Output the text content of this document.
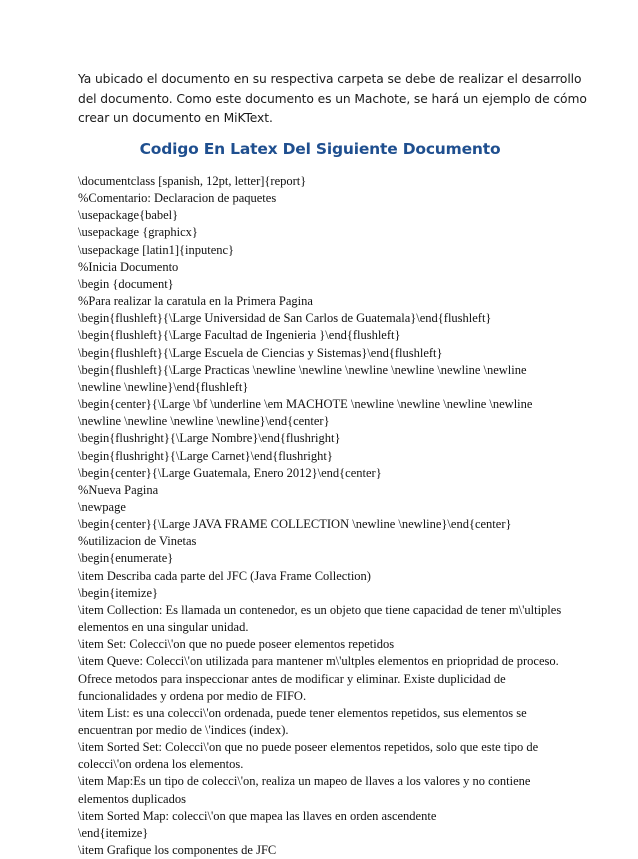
Ya ubicado el documento en su respectiva carpeta se debe de realizar el desarrollo
del documento. Como este documento es un Machote, se hará un ejemplo de cómo
crear un documento en MiKText.
Codigo En Latex Del Siguiente Documento
\documentclass [spanish, 12pt, letter]{report}
%Comentario: Declaracion de paquetes
\usepackage{babel}
\usepackage {graphicx}
\usepackage [latin1]{inputenc}
%Inicia Documento
\begin {document}
%Para realizar la caratula en la Primera Pagina
\begin{flushleft}{\Large Universidad de San Carlos de Guatemala}\end{flushleft}
\begin{flushleft}{\Large Facultad de Ingenieria }\end{flushleft}
\begin{flushleft}{\Large Escuela de Ciencias y Sistemas}\end{flushleft}
\begin{flushleft}{\Large Practicas \newline \newline \newline \newline \newline \newline
\newline \newline}\end{flushleft}
\begin{center}{\Large \bf \underline \em MACHOTE \newline \newline \newline \newline
\newline \newline \newline \newline}\end{center}
\begin{flushright}{\Large Nombre}\end{flushright}
\begin{flushright}{\Large Carnet}\end{flushright}
\begin{center}{\Large Guatemala, Enero 2012}\end{center}
%Nueva Pagina
\newpage
\begin{center}{\Large JAVA FRAME COLLECTION \newline \newline}\end{center}
%utilizacion de Vinetas
\begin{enumerate}
\item Describa cada parte del JFC (Java Frame Collection)
\begin{itemize}
\item Collection: Es llamada un contenedor, es un objeto que tiene capacidad de tener m\'ultiples
elementos en una singular unidad.
\item Set: Colecci\'on que no puede poseer elementos repetidos
\item Queve: Colecci\'on utilizada para mantener m\'ultples elementos en priopridad de proceso.
Ofrece metodos para inspeccionar antes de modificar y eliminar. Existe duplicidad de
funcionalidades y ordena por medio de FIFO.
\item List: es una colecci\'on ordenada, puede tener elementos repetidos, sus elementos se
encuentran por medio de \'indices (index).
\item Sorted Set: Colecci\'on que no puede poseer elementos repetidos, solo que este tipo de
colecci\'on ordena los elementos.
\item Map:Es un tipo de colecci\'on, realiza un mapeo de llaves a los valores y no contiene
elementos duplicados
\item Sorted Map: colecci\'on que mapea las llaves en orden ascendente
\end{itemize}
\item Grafique los componentes de JFC
